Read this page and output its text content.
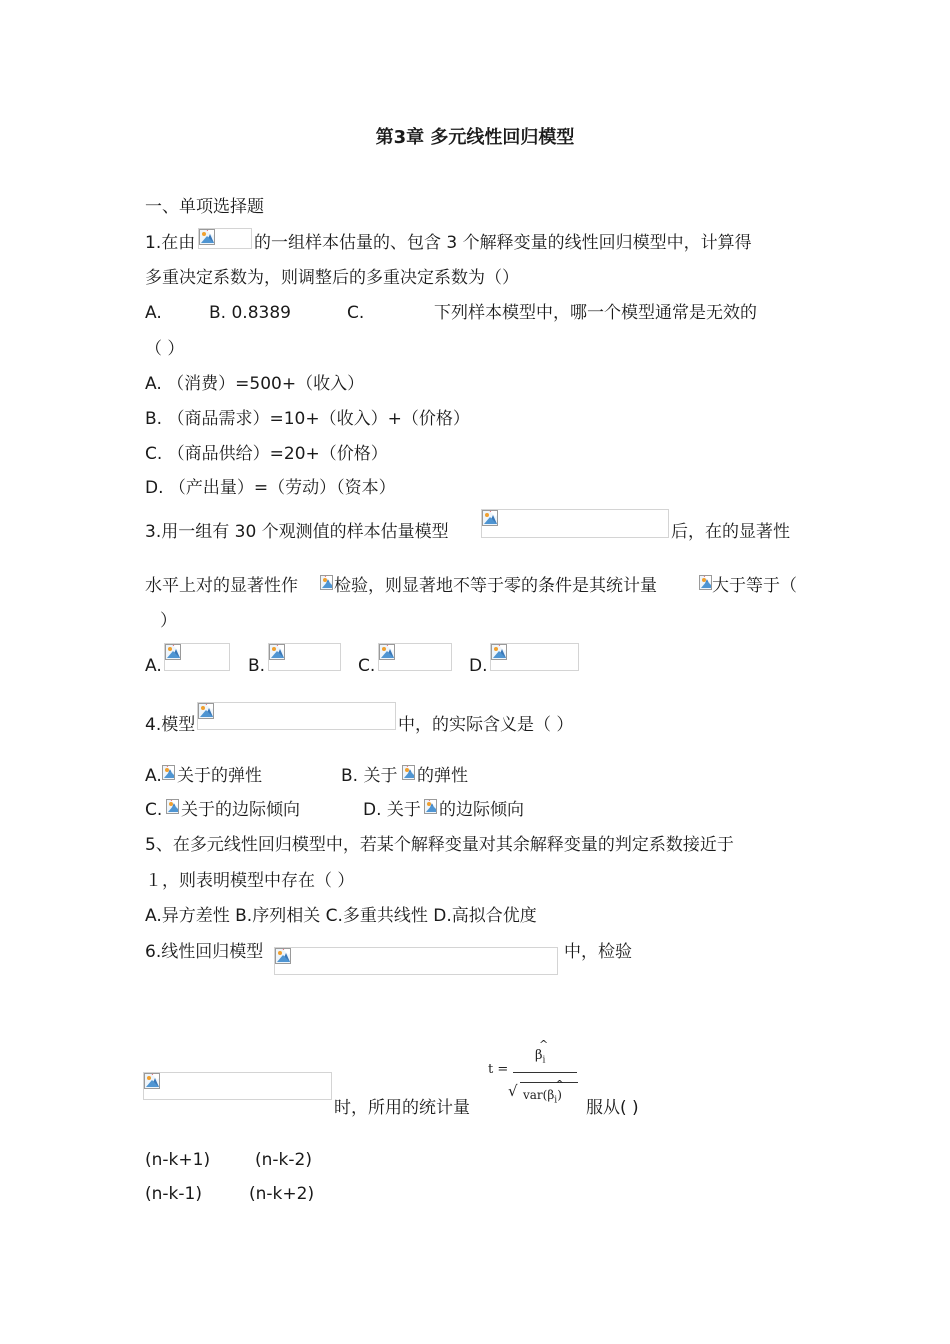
第3章 多元线性回归模型
一、单项选择题
1.在由	的一组样本估量的、包含 3 个解释变量的线性回归模型中，计算得
多重决定系数为，则调整后的多重决定系数为（）
A.	B. 0.8389	C.	下列样本模型中，哪一个模型通常是无效的
（ ）
A. （消费）=500+（收入）
B. （商品需求）=10+（收入）+（价格）
C. （商品供给）=20+（价格）
D. （产出量）=（劳动）（资本）
3.用一组有 30 个观测值的样本估量模型	后，在的显著性
水平上对的显著性作 检验，则显著地不等于零的条件是其统计量	大于等于（
）
A.	B.	C.	D.
4.模型	中，的实际含义是（ ）
A. 关于的弹性	B. 关于 的弹性
C. 关于的边际倾向	D. 关于 的边际倾向
5、在多元线性回归模型中，若某个解释变量对其余解释变量的判定系数接近于
１，则表明模型中存在（ ）
A.异方差性 B.序列相关 C.多重共线性 D.高拟合优度
6.线性回归模型	中，检验
时，所用的统计量
t =
^
$\beta_i$
√	^
$var(\beta_i)$
服从( )
(n-k+1)	(n-k-2)
(n-k-1)	(n-k+2)
